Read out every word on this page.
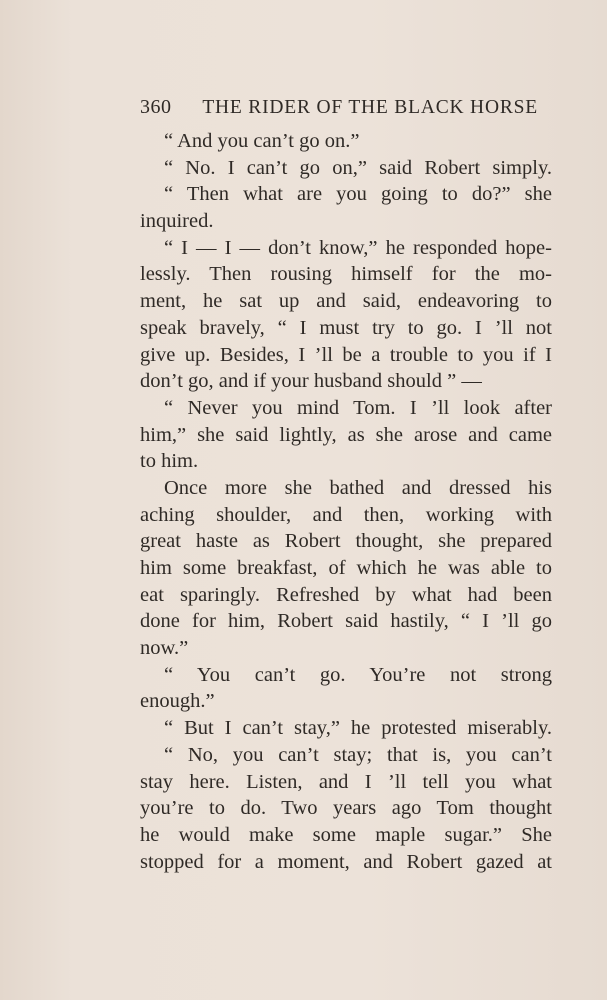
360 THE RIDER OF THE BLACK HORSE
“ And you can’t go on.”
“ No. I can’t go on,” said Robert simply.
“ Then what are you going to do?” she
inquired.
“ I — I — don’t know,” he responded hope-
lessly. Then rousing himself for the mo-
ment, he sat up and said, endeavoring to
speak bravely, “ I must try to go. I ’ll not
give up. Besides, I ’ll be a trouble to you if I
don’t go, and if your husband should ” —
“ Never you mind Tom. I ’ll look after
him,” she said lightly, as she arose and came
to him.
Once more she bathed and dressed his
aching shoulder, and then, working with
great haste as Robert thought, she prepared
him some breakfast, of which he was able to
eat sparingly. Refreshed by what had been
done for him, Robert said hastily, “ I ’ll go
now.”
“ You can’t go. You’re not strong
enough.”
“ But I can’t stay,” he protested miserably.
“ No, you can’t stay; that is, you can’t
stay here. Listen, and I ’ll tell you what
you’re to do. Two years ago Tom thought
he would make some maple sugar.” She
stopped for a moment, and Robert gazed at
